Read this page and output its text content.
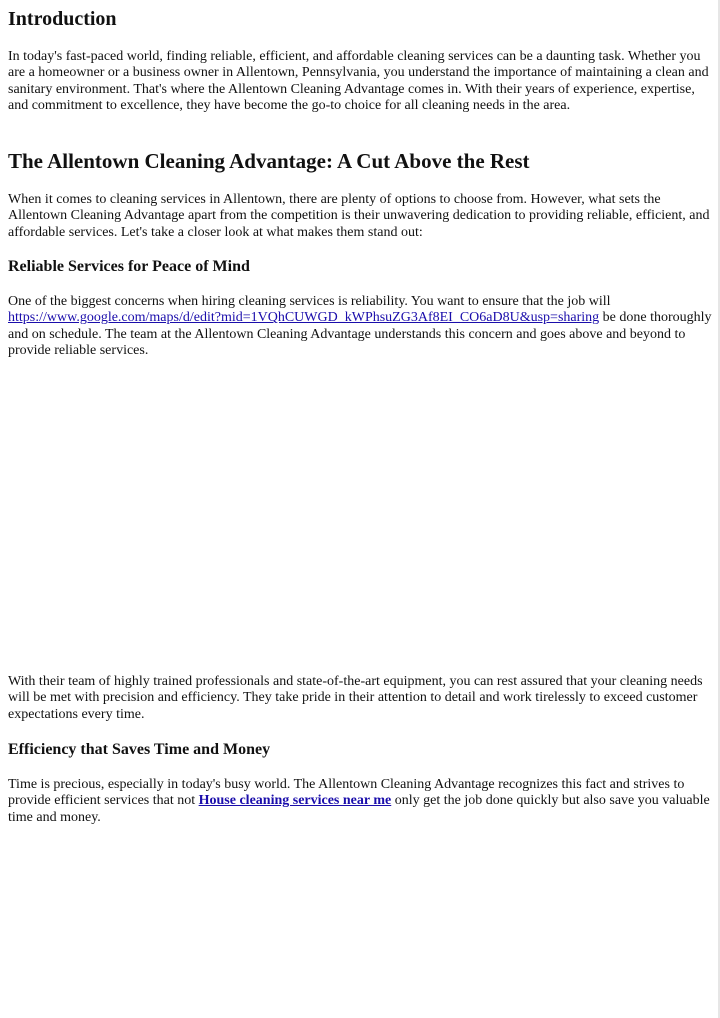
Introduction

In today's fast-paced world, finding reliable, efficient, and affordable cleaning services can be a daunting task. Whether you are a homeowner or a business owner in Allentown, Pennsylvania, you understand the importance of maintaining a clean and sanitary environment. That's where the Allentown Cleaning Advantage comes in. With their years of experience, expertise, and commitment to excellence, they have become the go-to choice for all cleaning needs in the area.

The Allentown Cleaning Advantage: A Cut Above the Rest

When it comes to cleaning services in Allentown, there are plenty of options to choose from. However, what sets the Allentown Cleaning Advantage apart from the competition is their unwavering dedication to providing reliable, efficient, and affordable services. Let's take a closer look at what makes them stand out:

Reliable Services for Peace of Mind

One of the biggest concerns when hiring cleaning services is reliability. You want to ensure that the job will https://www.google.com/maps/d/edit?mid=1VQhCUWGD_kWPhsuZG3Af8EI_CO6aD8U&usp=sharing be done thoroughly and on schedule. The team at the Allentown Cleaning Advantage understands this concern and goes above and beyond to provide reliable services.

With their team of highly trained professionals and state-of-the-art equipment, you can rest assured that your cleaning needs will be met with precision and efficiency. They take pride in their attention to detail and work tirelessly to exceed customer expectations every time.

Efficiency that Saves Time and Money

Time is precious, especially in today's busy world. The Allentown Cleaning Advantage recognizes this fact and strives to provide efficient services that not House cleaning services near me only get the job done quickly but also save you valuable time and money.
